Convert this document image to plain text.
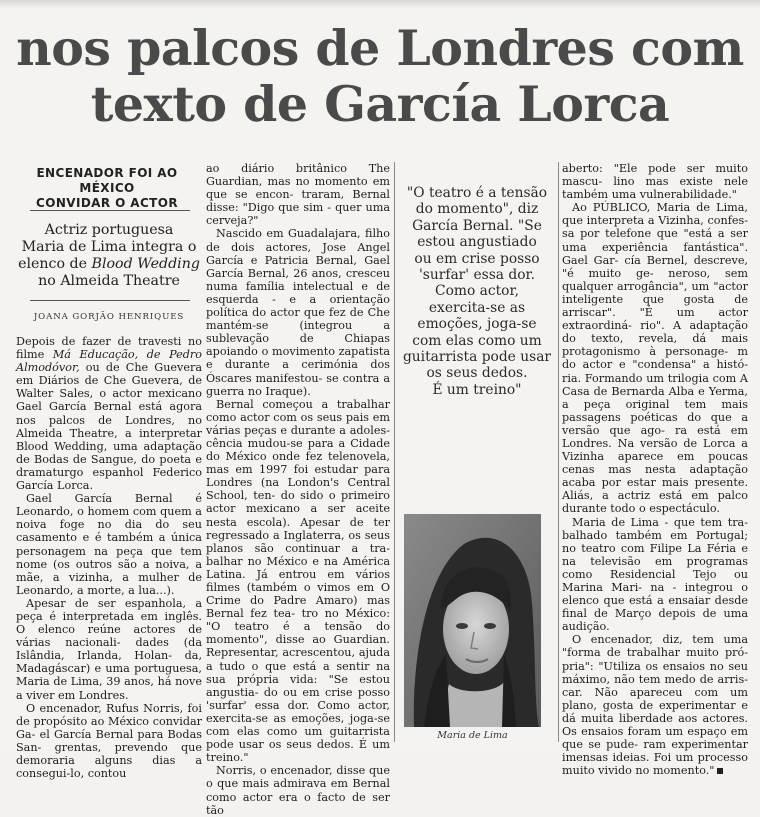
nos palcos de Londres com
texto de García Lorca
ENCENADOR FOI AO MÉXICO
CONVIDAR O ACTOR
Actriz portuguesa
Maria de Lima integra o
elenco de Blood Wedding
no Almeida Theatre
JOANA GORJÃO HENRIQUES

Depois de fazer de travesti no filme Má Educação, de Pedro Almodóvor, ou de Che Guevera em Diários de Che Guevera, de Walter Sales, o actor mexicano Gael García Bernal está agora nos palcos de Londres, no Almeida Theatre, a interpretar Blood Wedding, uma adaptação de Bodas de Sangue, do poeta e dramaturgo espanhol Federico García Lorca.

Gael García Bernal é Leonardo, o homem com quem a noiva foge no dia do seu casamento e é também a única personagem na peça que tem nome (os outros são a noiva, a mãe, a vizinha, a mulher de Leonardo, a morte, a lua...).

Apesar de ser espanhola, a peça é interpretada em inglês. O elenco reúne actores de várias nacionali- dades (da Islândia, Irlanda, Holan- da, Madagáscar) e uma portuguesa, Maria de Lima, 39 anos, há nove a viver em Londres.

O encenador, Rufus Norris, foi de propósito ao México convidar Ga- el García Bernal para Bodas San- grentas, prevendo que demoraria alguns dias a consegui-lo, contou

ao diário britânico The Guardian, mas no momento em que se encon- traram, Bernal disse: "Digo que sim - quer uma cerveja?"

Nascido em Guadalajara, filho de dois actores, Jose Angel García e Patricia Bernal, Gael García Bernal, 26 anos, cresceu numa família intelectual e de esquerda - e a orientação política do actor que fez de Che mantém-se (integrou	a sublevação de Chiapas apoiando o movimento zapatista e durante a cerimónia dos Óscares manifestou- se contra a guerra no Iraque).

Bernal começou a trabalhar como actor com os seus pais em várias peças e durante a adoles- cência mudou-se para a Cidade do México onde fez telenovela, mas em 1997 foi estudar para Londres (na London's Central School, ten- do sido o primeiro actor mexicano a ser aceite nesta escola). Apesar de ter regressado a Inglaterra, os seus planos são continuar a tra- balhar no México e na América Latina. Já entrou em vários filmes (também o vimos em O Crime do Padre Amaro) mas Bernal fez tea- tro no México: "O teatro é a tensão do momento", disse ao Guardian. Representar, acrescentou, ajuda a tudo o que está a sentir na sua própria vida: "Se estou angustia- do ou em crise posso 'surfar' essa dor. Como actor, exercita-se as emoções, joga-se com elas como um guitarrista pode usar os seus dedos. É um treino."

Norris, o encenador, disse que o que mais admirava em Bernal como actor era o facto de ser tão

"O teatro é a tensão
do momento", diz
García Bernal. "Se
estou angustiado
ou em crise posso
'surfar' essa dor.
Como actor,
exercita-se as
emoções, joga-se
com elas como um
guitarrista pode usar
os seus dedos.
É um treino"
Maria de Lima

aberto: "Ele pode ser muito mascu- lino mas existe nele também uma vulnerabilidade."

Ao PÚBLICO, Maria de Lima, que interpreta a Vizinha, confes- sa por telefone que "está a ser uma experiência fantástica". Gael Gar- cía Bernel, descreve, "é muito ge- neroso, sem qualquer arrogância", um "actor inteligente que gosta de arriscar". "É um actor extraordiná- rio". A adaptação do texto, revela, dá mais protagonismo à personage- m do actor e "condensa" a histó- ria. Formando um trilogia com A Casa de Bernarda Alba e Yerma, a peça original tem mais passagens poéticas do que a versão que ago- ra está em Londres. Na versão de Lorca a Vizinha aparece em poucas cenas mas nesta adaptação acaba por estar mais presente. Aliás, a actriz está em palco durante todo o espectáculo.

Maria de Lima - que tem tra- balhado também em Portugal; no teatro com Filipe La Féria e na televisão em programas como Residencial Tejo ou Marina Mari- na - integrou o elenco que está a ensaiar desde final de Março depois de uma audição.

O encenador, diz, tem uma "forma de trabalhar muito pró- pria": "Utiliza os ensaios no seu máximo, não tem medo de arris- car. Não apareceu com um plano, gosta de experimentar e dá muita liberdade aos actores. Os ensaios foram um espaço em que se pude- ram experimentar imensas ideias. Foi um processo muito vivido no momento."
